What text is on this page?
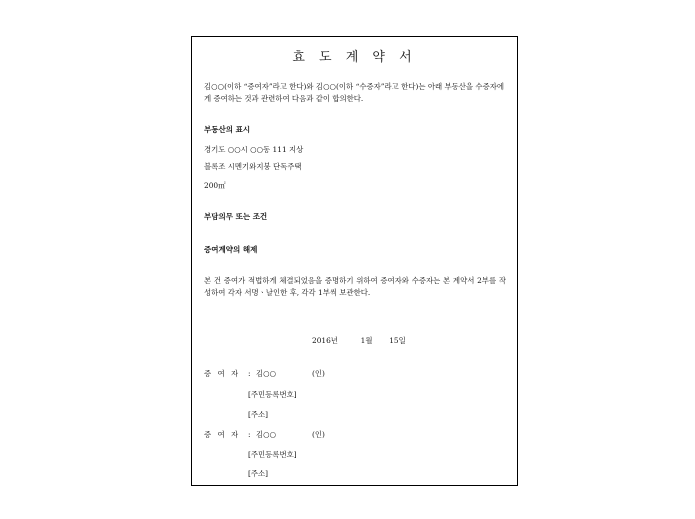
효 도 계 약 서

김○○(이하 “증여자”라고 한다)와 김○○(이하 “수증자”라고 한다)는 아래 부동산을 수증자에게 증여하는 것과 관련하여 다음과 같이 합의한다.

부동산의 표시

경기도 ○○시 ○○동 111 지상

블록조 시멘기와지붕 단독주택

200㎡

부담의무 또는 조건

증여계약의 해제

본 건 증여가 적법하게 체결되었음을 증명하기 위하여 증여자와 수증자는 본 계약서 2부를 작성하여 각자 서명ㆍ날인한 후, 각각 1부씩 보관한다.

2016년	1월 15일
증 여 자 : 김○○	(인)
[주민등록번호]
[주소]
증 여 자 : 김○○	(인)
[주민등록번호]
[주소]
